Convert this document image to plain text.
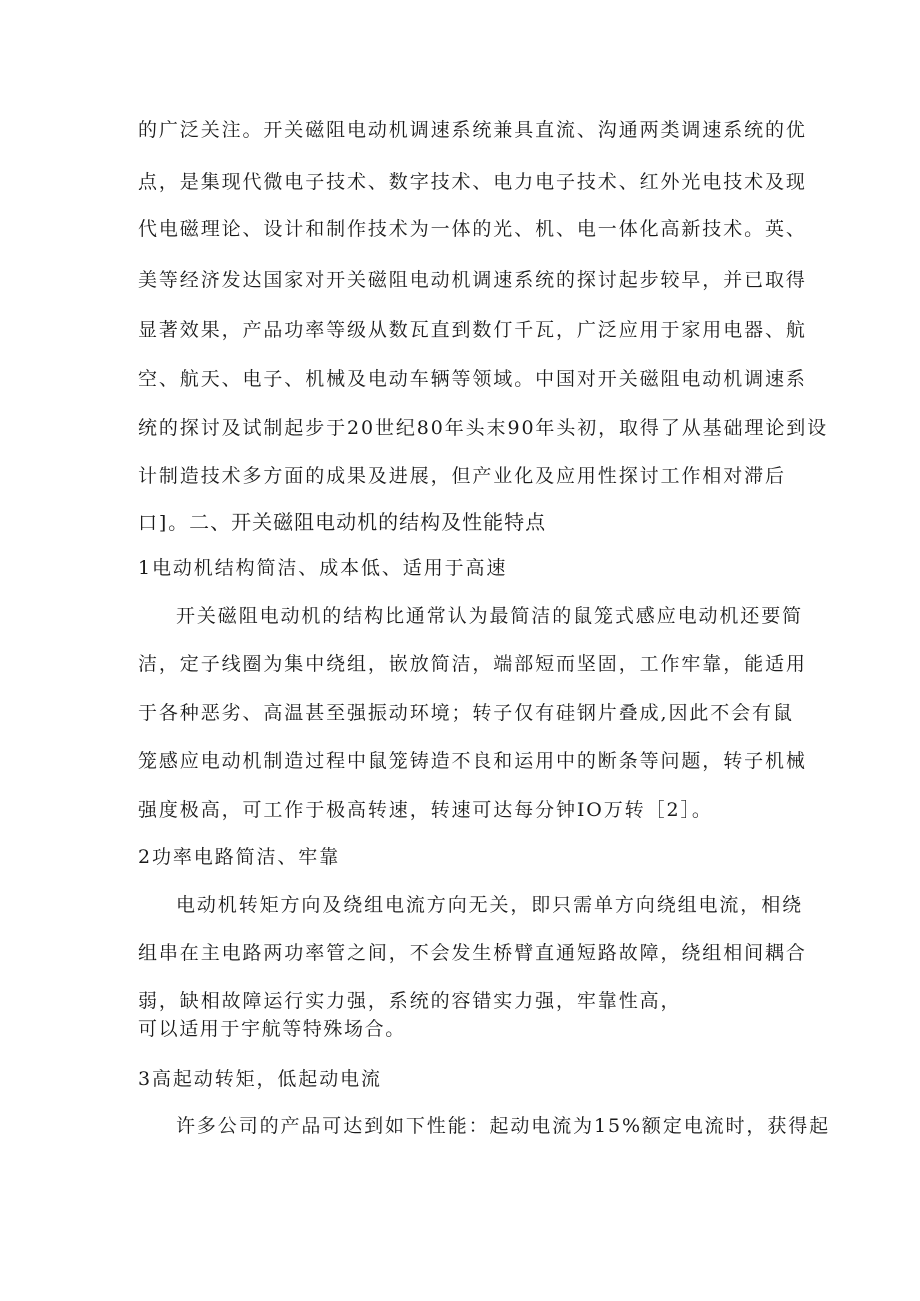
的广泛关注。开关磁阻电动机调速系统兼具直流、沟通两类调速系统的优
点，是集现代微电子技术、数字技术、电力电子技术、红外光电技术及现
代电磁理论、设计和制作技术为一体的光、机、电一体化高新技术。英、
美等经济发达国家对开关磁阻电动机调速系统的探讨起步较早，并已取得
显著效果，产品功率等级从数瓦直到数仃千瓦，广泛应用于家用电器、航
空、航天、电子、机械及电动车辆等领域。中国对开关磁阻电动机调速系
统的探讨及试制起步于20世纪80年头末90年头初，取得了从基础理论到设
计制造技术多方面的成果及进展，但产业化及应用性探讨工作相对滞后
口]。二、开关磁阻电动机的结构及性能特点
1电动机结构简洁、成本低、适用于高速
开关磁阻电动机的结构比通常认为最简洁的鼠笼式感应电动机还要简
洁，定子线圈为集中绕组，嵌放简洁，端部短而坚固，工作牢靠，能适用
于各种恶劣、高温甚至强振动环境；转子仅有硅钢片叠成,因此不会有鼠
笼感应电动机制造过程中鼠笼铸造不良和运用中的断条等问题，转子机械
强度极高，可工作于极高转速，转速可达每分钟IO万转［2］。
2功率电路简洁、牢靠
电动机转矩方向及绕组电流方向无关，即只需单方向绕组电流，相绕
组串在主电路两功率管之间，不会发生桥臂直通短路故障，绕组相间耦合
弱，缺相故障运行实力强，系统的容错实力强，牢靠性高，
可以适用于宇航等特殊场合。
3高起动转矩，低起动电流
许多公司的产品可达到如下性能：起动电流为15%额定电流时，获得起
